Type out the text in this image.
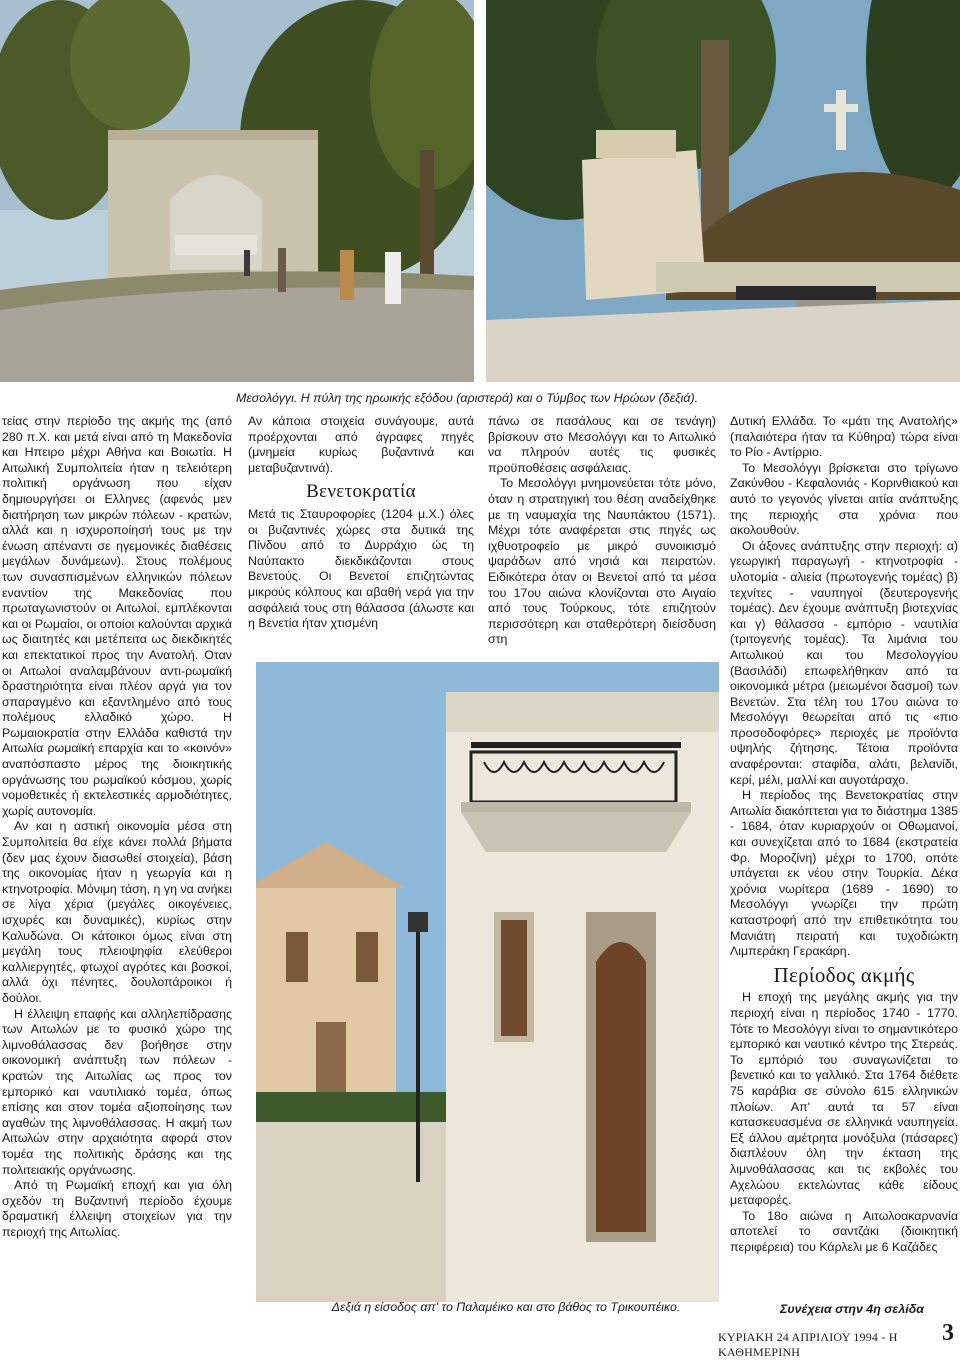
Μεσολόγγι. Η πύλη της ηρωικής εξόδου (αριστερά) και ο Τύμβος των Ηρώων (δεξιά).
Δεξιά η είσοδος απ' το Παλαμέικο και στο βάθος το Τρικουπέικο.

τείας στην περίοδο της ακμής της (από 280 π.Χ. και μετά είναι από τη Μακεδονία και Ηπειρο μέχρι Αθήνα και Βοιωτία. Η Αιτωλική Συμπολιτεία ήταν η τελειότερη πολιτική οργάνωση που είχαν δημιουργήσει οι Ελληνες (αφενός μεν διατήρηση των μικρών πόλεων - κρατών, αλλά και η ισχυροποίησή τους με την ένωση απέναντι σε ηγεμονικές διαθέσεις μεγάλων δυνάμεων). Στους πολέμους των συνασπισμένων ελληνικών πόλεων εναντίον της Μακεδονίας που πρωταγωνιστούν οι Αιτωλοί, εμπλέκονται και οι Ρωμαίοι, οι οποίοι καλούνται αρχικά ως διαιτητές και μετέπειτα ως διεκδικητές και επεκτατικοί προς την Ανατολή. Οταν οι Αιτωλοί αναλαμβάνουν αντι-ρωμαϊκή δραστηριότητα είναι πλέον αργά για τον σπαραγμένο και εξαντλημένο από τους πολέμους ελλαδικό χώρο. Η Ρωμαιοκρατία στην Ελλάδα καθιστά την Αιτωλία ρωμαϊκή επαρχία και το «κοινόν» αναπόσπαστο μέρος της διοικητικής οργάνωσης του ρωμαϊκού κόσμου, χωρίς νομοθετικές ή εκτελεστικές αρμοδιότητες, χωρίς αυτονομία.

Αν και η αστική οικονομία μέσα στη Συμπολιτεία θα είχε κάνει πολλά βήματα (δεν μας έχουν διασωθεί στοιχεία), βάση της οικονομίας ήταν η γεωργία και η κτηνοτροφία. Μόνιμη τάση, η γη να ανήκει σε λίγα χέρια (μεγάλες οικογένειες, ισχυρές και δυναμικές), κυρίως στην Καλυδώνα. Οι κάτοικοι όμως είναι στη μεγάλη τους πλειοψηφία ελεύθεροι καλλιεργητές, φτωχοί αγρότες και βοσκοί, αλλά όχι πένητες, δουλοπάροικοι ή δούλοι.

Η έλλειψη επαφής και αλληλεπίδρασης των Αιτωλών με το φυσικό χώρο της λιμνοθάλασσας δεν βοήθησε στην οικονομική ανάπτυξη των πόλεων - κρατών της Αιτωλίας ως προς τον εμπορικό και ναυτιλιακό τομέα, όπως επίσης και στον τομέα αξιοποίησης των αγαθών της λιμνοθάλασσας. Η ακμή των Αιτωλών στην αρχαιότητα αφορά στον τομέα της πολιτικής δράσης και της πολιτειακής οργάνωσης.

Από τη Ρωμαϊκή εποχή και για όλη σχεδόν τη Βυζαντινή περίοδο έχουμε δραματική έλλειψη στοιχείων για την περιοχή της Αιτωλίας.

Αν κάποια στοιχεία συνάγουμε, αυτά προέρχονται από άγραφες πηγές (μνημεία κυρίως βυζαντινά και μεταβυζαντινά).

Βενετοκρατία

Μετά τις Σταυροφορίες (1204 μ.Χ.) όλες οι βυζαντινές χώρες στα δυτικά της Πίνδου από το Δυρράχιο ώς τη Ναύπακτο διεκδικάζονται στους Βενετούς. Οι Βενετοί επιζητώντας μικρούς κόλπους και αβαθή νερά για την ασφάλειά τους στη θάλασσα (άλωστε και η Βενετία ήταν χτισμένη

πάνω σε πασάλους και σε τενάγη) βρίσκουν στο Μεσολόγγι και το Αιτωλικό να πληρούν αυτές τις φυσικές προϋποθέσεις ασφάλειας.

Το Μεσολόγγι μνημονεύεται τότε μόνο, όταν η στρατηγική του θέση αναδείχθηκε με τη ναυμαχία της Ναυπάκτου (1571). Μέχρι τότε αναφέρεται στις πηγές ως ιχθυοτροφείο με μικρό συνοικισμό ψαράδων από νησιά και πειρατών. Ειδικότερα όταν οι Βενετοί από τα μέσα του 17ου αιώνα κλονίζονται στο Αιγαίο από τους Τούρκους, τότε επιζητούν περισσότερη και σταθερότερη διείσδυση στη

Δυτική Ελλάδα. Το «μάτι της Ανατολής» (παλαιότερα ήταν τα Κύθηρα) τώρα είναι το Ρίο - Αντίρριο.

Το Μεσολόγγι βρίσκεται στο τρίγωνο Ζακύνθου - Κεφαλονιάς - Κορινθιακού και αυτό το γεγονός γίνεται αιτία ανάπτυξης της περιοχής στα χρόνια που ακολουθούν.

Οι άξονες ανάπτυξης στην περιοχή: α) γεωργική παραγωγή - κτηνοτροφία - υλοτομία - αλιεία (πρωτογενής τομέας) β) τεχνίτες - ναυπηγοί (δευτερογενής τομέας). Δεν έχουμε ανάπτυξη βιοτεχνίας και γ) θάλασσα - εμπόριο - ναυτιλία (τριτογενής τομέας). Τα λιμάνια του Αιτωλικού και του Μεσολογγίου (Βασιλάδι) επωφελήθηκαν από τα οικονομικά μέτρα (μειωμένοι δασμοί) των Βενετών. Στα τέλη του 17ου αιώνα το Μεσολόγγι θεωρείται από τις «πιο προσοδοφόρες» περιοχές με προϊόντα υψηλής ζήτησης. Τέτοια προϊόντα αναφέρονται: σταφίδα, αλάτι, βελανίδι, κερί, μέλι, μαλλί και αυγοτάραχο.

Η περίοδος της Βενετοκρατίας στην Αιτωλία διακόπτεται για το διάστημα 1385 - 1684, όταν κυριαρχούν οι Οθωμανοί, και συνεχίζεται από το 1684 (εκστρατεία Φρ. Μοροζίνη) μέχρι το 1700, οπότε υπάγεται εκ νέου στην Τουρκία. Δέκα χρόνια νωρίτερα (1689 - 1690) το Μεσολόγγι γνωρίζει την πρώτη καταστροφή από την επιθετικότητα του Μανιάτη πειρατή και τυχοδιώκτη Λιμπεράκη Γερακάρη.

Περίοδος ακμής

Η εποχή της μεγάλης ακμής για την περιοχή είναι η περίοδος 1740 - 1770. Τότε το Μεσολόγγι είναι το σημαντικότερο εμπορικό και ναυτικό κέντρο της Στερεάς. Το εμπόριό του συναγωνίζεται το βενετικό και το γαλλικό. Στα 1764 διέθετε 75 καράβια σε σύνολο 615 ελληνικών πλοίων. Απ' αυτά τα 57 είναι κατασκευασμένα σε ελληνικά ναυπηγεία. Εξ άλλου αμέτρητα μονόξυλα (πάσαρες) διαπλέουν όλη την έκταση της λιμνοθάλασσας και τις εκβολές του Αχελώου εκτελώντας κάθε είδους μεταφορές.

Το 18ο αιώνα η Αιτωλοακαρνανία αποτελεί το σαντζάκι (διοικητική περιφέρεια) του Κάρλελι με 6 Καζάδες

Συνέχεια στην 4η σελίδα
ΚΥΡΙΑΚΗ 24 ΑΠΡΙΛΙΟΥ 1994 - Η ΚΑΘΗΜΕΡΙΝΗ
3
